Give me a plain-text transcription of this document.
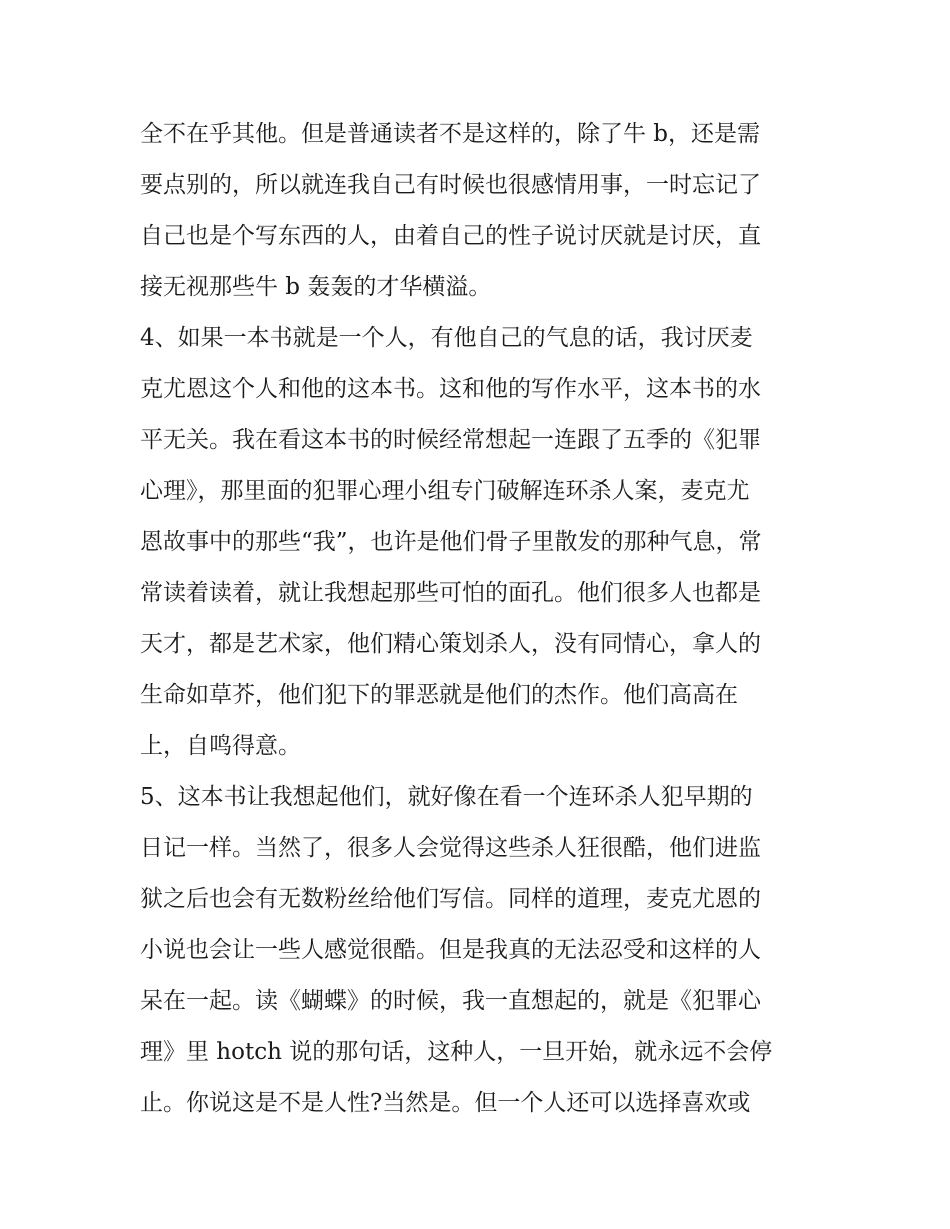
全不在乎其他。但是普通读者不是这样的，除了牛 b，还是需
要点别的，所以就连我自己有时候也很感情用事，一时忘记了
自己也是个写东西的人，由着自己的性子说讨厌就是讨厌，直
接无视那些牛 b 轰轰的才华横溢。
4、如果一本书就是一个人，有他自己的气息的话，我讨厌麦
克尤恩这个人和他的这本书。这和他的写作水平，这本书的水
平无关。我在看这本书的时候经常想起一连跟了五季的《犯罪
心理》，那里面的犯罪心理小组专门破解连环杀人案，麦克尤
恩故事中的那些“我”，也许是他们骨子里散发的那种气息，常
常读着读着，就让我想起那些可怕的面孔。他们很多人也都是
天才，都是艺术家，他们精心策划杀人，没有同情心，拿人的
生命如草芥，他们犯下的罪恶就是他们的杰作。他们高高在
上，自鸣得意。
5、这本书让我想起他们，就好像在看一个连环杀人犯早期的
日记一样。当然了，很多人会觉得这些杀人狂很酷，他们进监
狱之后也会有无数粉丝给他们写信。同样的道理，麦克尤恩的
小说也会让一些人感觉很酷。但是我真的无法忍受和这样的人
呆在一起。读《蝴蝶》的时候，我一直想起的，就是《犯罪心
理》里 hotch 说的那句话，这种人，一旦开始，就永远不会停
止。你说这是不是人性?当然是。但一个人还可以选择喜欢或
